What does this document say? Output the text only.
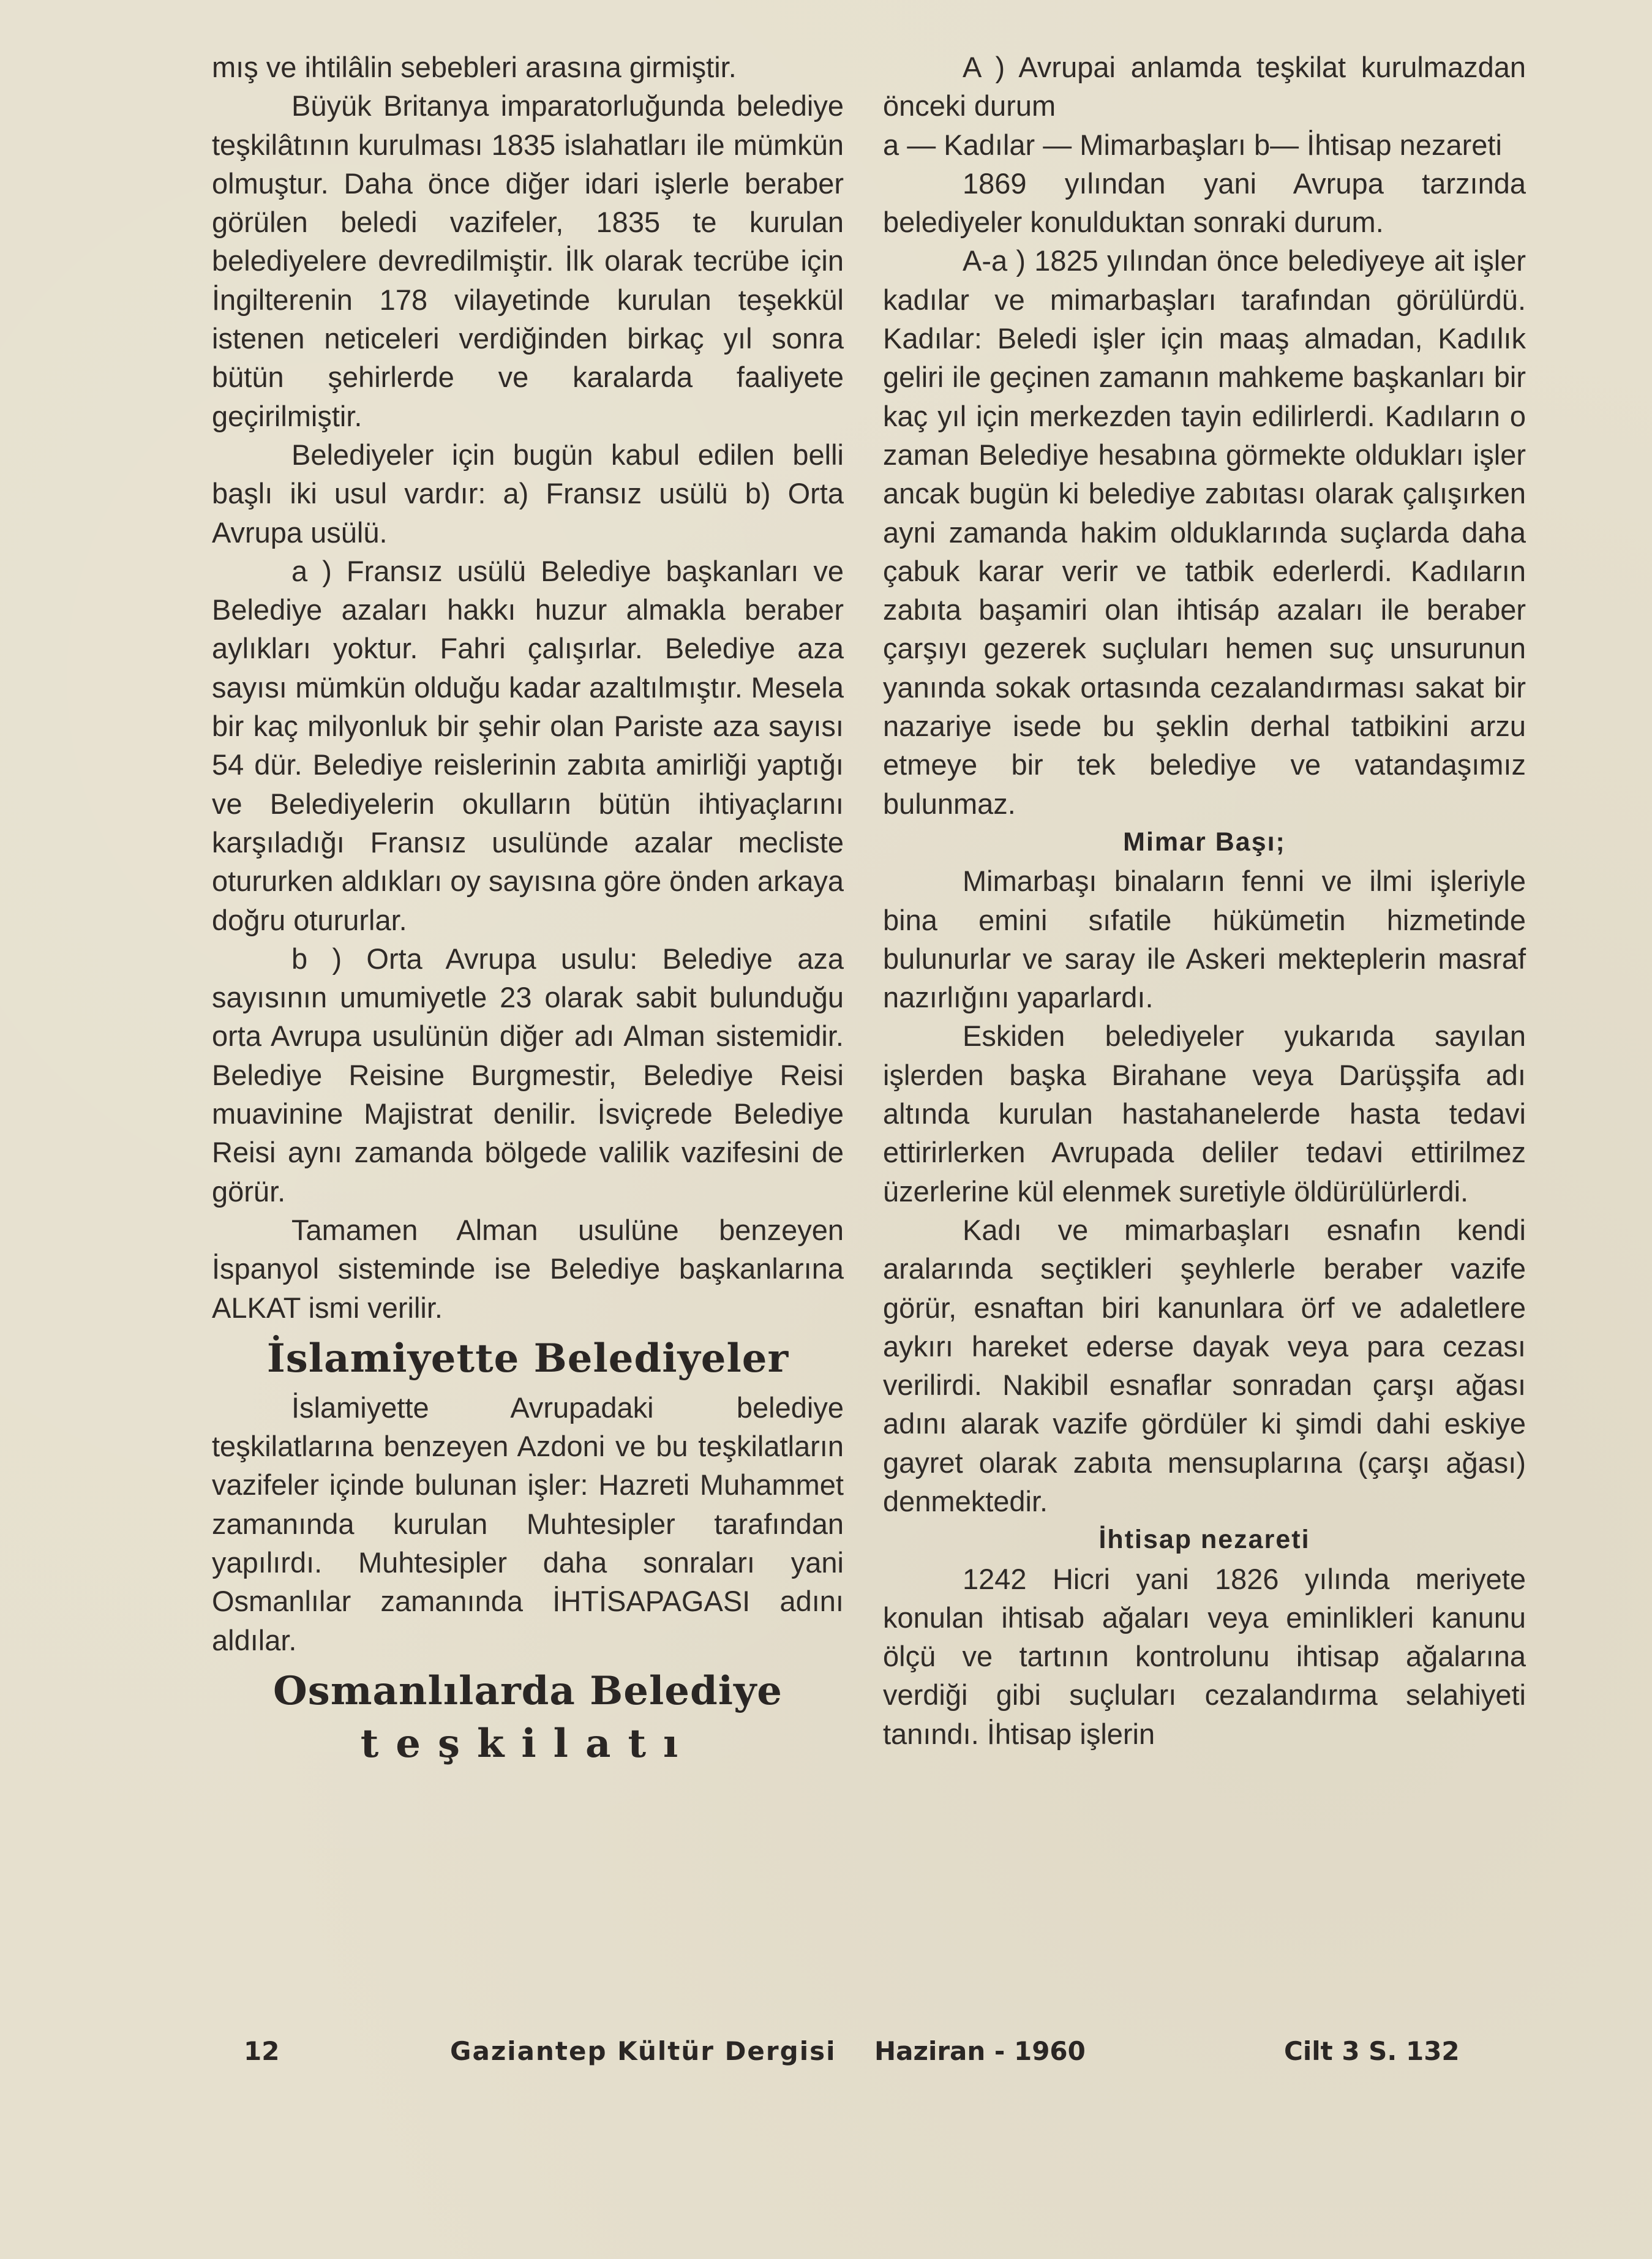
mış ve ihtilâlin sebebleri arasına girmiştir.

Büyük Britanya imparatorluğunda belediye teşkilâtının kurulması 1835 islahatları ile mümkün olmuştur. Daha önce diğer idari işlerle beraber görülen beledi vazifeler, 1835 te kurulan belediyelere devredilmiştir. İlk olarak tecrübe için İngilterenin 178 vilayetinde kurulan teşekkül istenen neticeleri verdiğinden birkaç yıl sonra bütün şehirlerde ve karalarda faaliyete geçirilmiştir.

Belediyeler için bugün kabul edilen belli başlı iki usul vardır: a) Fransız usülü b) Orta Avrupa usülü.

a ) Fransız usülü Belediye başkanları ve Belediye azaları hakkı huzur almakla beraber aylıkları yoktur. Fahri çalışırlar. Belediye aza sayısı mümkün olduğu kadar azaltılmıştır. Mesela bir kaç milyonluk bir şehir olan Pariste aza sayısı 54 dür. Belediye reislerinin zabıta amirliği yaptığı ve Belediyelerin okulların bütün ihtiyaçlarını karşıladığı Fransız usulünde azalar mecliste otururken aldıkları oy sayısına göre önden arkaya doğru otururlar.

b ) Orta Avrupa usulu: Belediye aza sayısının umumiyetle 23 olarak sabit bulunduğu orta Avrupa usulünün diğer adı Alman sistemidir. Belediye Reisine Burgmestir, Belediye Reisi muavinine Majistrat denilir. İsviçrede Belediye Reisi aynı zamanda bölgede valilik vazifesini de görür.

Tamamen Alman usulüne benzeyen İspanyol sisteminde ise Belediye başkanlarına ALKAT ismi verilir.

İslamiyette Belediyeler

İslamiyette Avrupadaki belediye teşkilatlarına benzeyen Azdoni ve bu teşkilatların vazifeler içinde bulunan işler: Hazreti Muhammet zamanında kurulan Muhtesipler tarafından yapılırdı. Muhtesipler daha sonraları yani Osmanlılar zamanında İHTİSAPAGASI adını aldılar.

Osmanlılarda Belediye
teşkilatı

A ) Avrupai anlamda teşkilat kurulmazdan önceki durum

a — Kadılar — Mimarbaşları b— İhtisap nezareti

1869 yılından yani Avrupa tarzında belediyeler konulduktan sonraki durum.

A-a ) 1825 yılından önce belediyeye ait işler kadılar ve mimarbaşları tarafından görülürdü. Kadılar: Beledi işler için maaş almadan, Kadılık geliri ile geçinen zamanın mahkeme başkanları bir kaç yıl için merkezden tayin edilirlerdi. Kadıların o zaman Belediye hesabına görmekte oldukları işler ancak bugün ki belediye zabıtası olarak çalışırken ayni zamanda hakim olduklarında suçlarda daha çabuk karar verir ve tatbik ederlerdi. Kadıların zabıta başamiri olan ihtisáp azaları ile beraber çarşıyı gezerek suçluları hemen suç unsurunun yanında sokak ortasında cezalandırması sakat bir nazariye isede bu şeklin derhal tatbikini arzu etmeye bir tek belediye ve vatandaşımız bulunmaz.

Mimar Başı;

Mimarbaşı binaların fenni ve ilmi işleriyle bina emini sıfatile hükümetin hizmetinde bulunurlar ve saray ile Askeri mekteplerin masraf nazırlığını yaparlardı.

Eskiden belediyeler yukarıda sayılan işlerden başka Birahane veya Darüşşifa adı altında kurulan hastahanelerde hasta tedavi ettirirlerken Avrupada deliler tedavi ettirilmez üzerlerine kül elenmek suretiyle öldürülürlerdi.

Kadı ve mimarbaşları esnafın kendi aralarında seçtikleri şeyhlerle beraber vazife görür, esnaftan biri kanunlara örf ve adaletlere aykırı hareket ederse dayak veya para cezası verilirdi. Nakibil esnaflar sonradan çarşı ağası adını alarak vazife gördüler ki şimdi dahi eskiye gayret olarak zabıta mensuplarına (çarşı ağası) denmektedir.

İhtisap nezareti

1242 Hicri yani 1826 yılında meriyete konulan ihtisab ağaları veya eminlikleri kanunu ölçü ve tartının kontrolunu ihtisap ağalarına verdiği gibi suçluları cezalandırma selahiyeti tanındı. İhtisap işlerin

12	Gaziantep Kültür Dergisi Haziran - 1960	Cilt 3 S. 132
